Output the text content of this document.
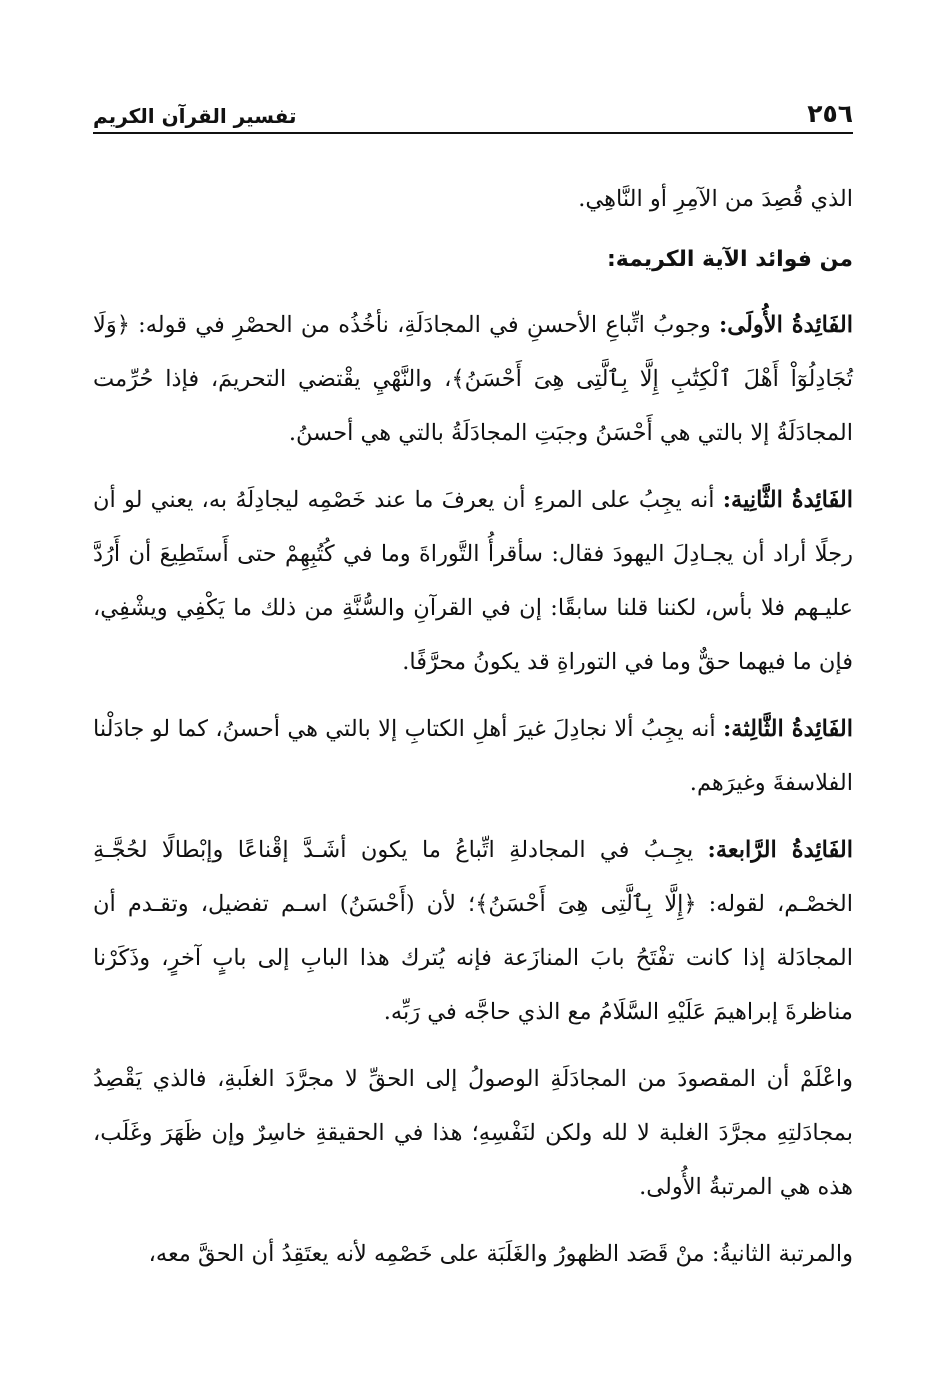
٢٥٦
تفسير القرآن الكريم

الذي قُصِدَ من الآمِرِ أو النَّاهِي.

من فوائد الآية الكريمة:

الفَائِدةُ الأُولَى: وجوبُ اتِّباعِ الأحسنِ في المجادَلَةِ، نأخُذُه من الحصْرِ في قوله: ﴿وَلَا تُجَادِلُوٓاْ أَهْلَ ٱلْكِتَٰبِ إِلَّا بِٱلَّتِى هِىَ أَحْسَنُ﴾، والنَّهْيِ يقْتضي التحريمَ، فإذا حُرِّمت المجادَلَةُ إلا بالتي هي أَحْسَنُ وجبَتِ المجادَلَةُ بالتي هي أحسنُ.

الفَائِدةُ الثَّانِية: أنه يجِبُ على المرءِ أن يعرفَ ما عند خَصْمِه ليجادِلَهُ به، يعني لو أن رجلًا أراد أن يجـادِلَ اليهودَ فقال: سأقرأُ التَّوراةَ وما في كُتُبِهِمْ حتى أَستَطِيعَ أن أَرُدَّ عليـهم فلا بأس، لكننا قلنا سابقًا: إن في القرآنِ والسُّنَّةِ من ذلك ما يَكْفِي ويشْفِي، فإن ما فيهما حقٌّ وما في التوراةِ قد يكونُ محرَّفًا.

الفَائِدةُ الثَّالِثة: أنه يجِبُ ألا نجادِلَ غيرَ أهلِ الكتابِ إلا بالتي هي أحسنُ، كما لو جادَلْنا الفلاسفةَ وغيرَهم.

الفَائِدةُ الرَّابعة: يجِـبُ في المجادلةِ اتِّباعُ ما يكون أشَـدَّ إقْناعًا وإبْطالًا لحُجَّـةِ الخصْـم، لقوله: ﴿إِلَّا بِٱلَّتِى هِىَ أَحْسَنُ﴾؛ لأن (أَحْسَنُ) اسـم تفضيل، وتقـدم أن المجادَلة إذا كانت تفْتَحُ بابَ المنازَعة فإنه يُترك هذا البابِ إلى بابٍ آخرٍ، وذَكَرْنا مناظرةَ إبراهيمَ عَلَيْهِ السَّلَامُ مع الذي حاجَّه في رَبِّه.

واعْلَمْ أن المقصودَ من المجادَلَةِ الوصولُ إلى الحقِّ لا مجرَّدَ الغلَبةِ، فالذي يَقْصِدُ بمجادَلتِهِ مجرَّدَ الغلبة لا لله ولكن لنَفْسِهِ؛ هذا في الحقيقةِ خاسِرٌ وإن ظَهَرَ وغَلَب، هذه هي المرتبةُ الأُولى.

والمرتبة الثانيةُ: منْ قَصَد الظهورُ والغَلَبَة على خَصْمِه لأنه يعتَقِدُ أن الحقَّ معه،
